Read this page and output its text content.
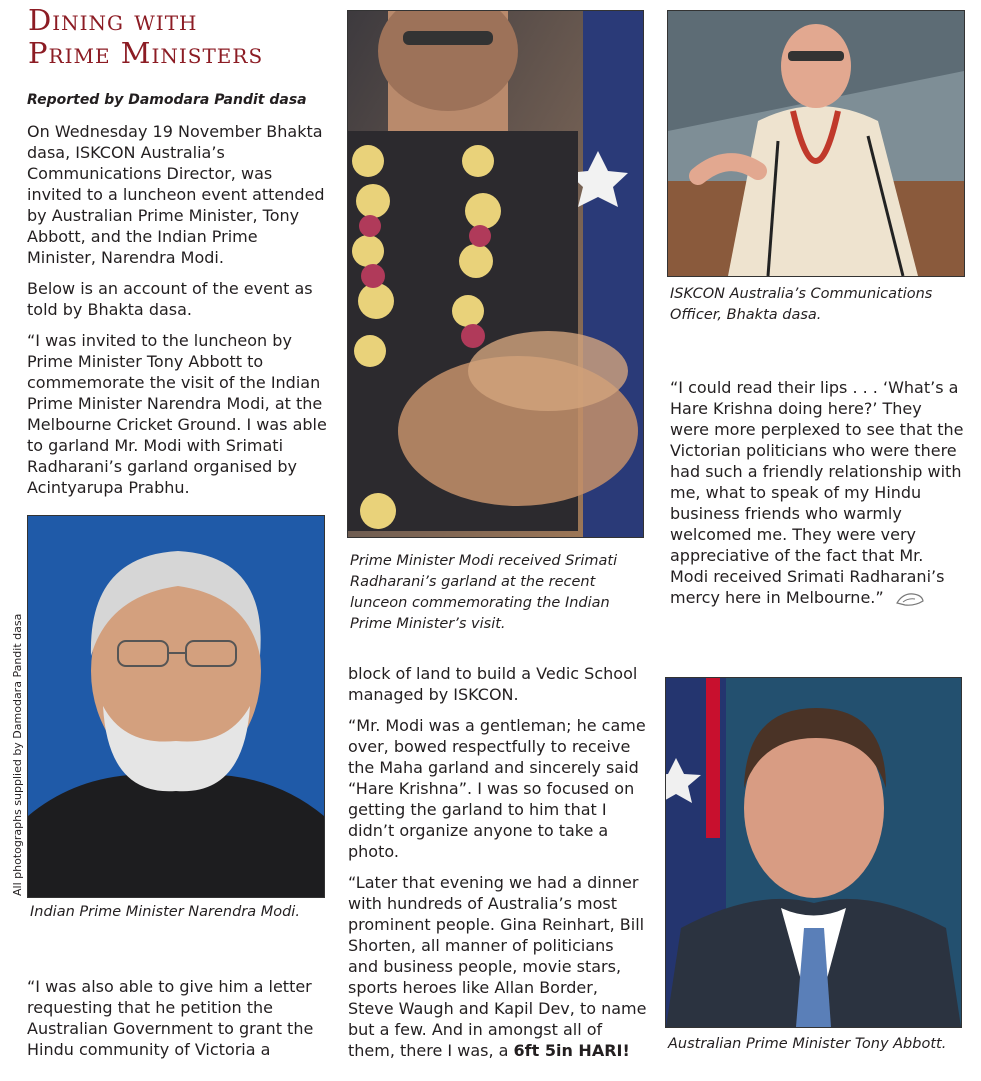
Dining with
Prime Ministers

Reported by Damodara Pandit dasa

On Wednesday 19 November Bhakta dasa, ISKCON Australia’s Communications Director, was invited to a luncheon event attended by Australian Prime Minister, Tony Abbott, and the Indian Prime Minister, Narendra Modi.

Below is an account of the event as told by Bhakta dasa.

“I was invited to the luncheon by Prime Minister Tony Abbott to commemorate the visit of the Indian Prime Minister Narendra Modi, at the Melbourne Cricket Ground. I was able to garland Mr. Modi with Srimati Radharani’s garland organised by Acintyarupa Prabhu.

ISKCON Australia’s Communications Officer, Bhakta dasa.
Prime Minister Modi received Srimati Radharani’s garland at the recent lunceon commemorating the Indian Prime Minister’s visit.

“I could read their lips . . . ‘What’s a Hare Krishna doing here?’ They were more perplexed to see that the Victorian politicians who were there had such a friendly relationship with me, what to speak of my Hindu business friends who warmly welcomed me. They were very appreciative of the fact that Mr. Modi received Srimati Radharani’s mercy here in Melbourne.”

All photographs supplied by Damodara Pandit dasa
Indian Prime Minister Narendra Modi.

block of land to build a Vedic School managed by ISKCON.

“Mr. Modi was a gentleman; he came over, bowed respectfully to receive the Maha garland and sincerely said “Hare Krishna”. I was so focused on getting the garland to him that I didn’t organize anyone to take a photo.

“Later that evening we had a dinner with hundreds of Australia’s most prominent people. Gina Reinhart, Bill Shorten, all manner of politicians and business people, movie stars, sports heroes like Allan Border, Steve Waugh and Kapil Dev, to name but a few. And in amongst all of them, there I was, a 6ft 5in HARI!	Australian Prime Minister Tony Abbott.

“I was also able to give him a letter requesting that he petition the Australian Government to grant the Hindu community of Victoria a
